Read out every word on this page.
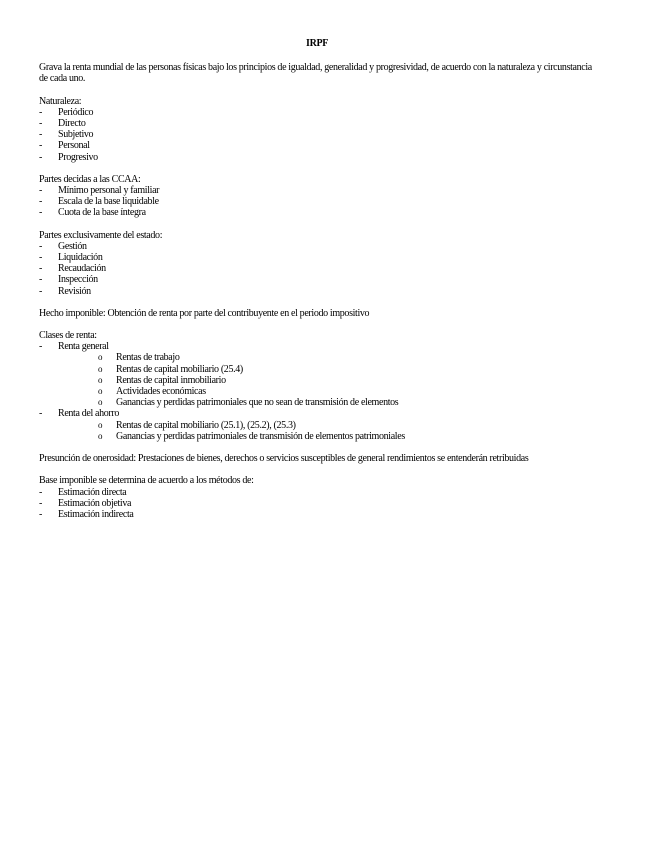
IRPF

Grava la renta mundial de las personas físicas bajo los principios de igualdad, generalidad y progresividad, de acuerdo con la naturaleza y circunstancia de cada uno.

Naturaleza:

- Periódico
- Directo
- Subjetivo
- Personal
- Progresivo

Partes decidas a las CCAA:

- Mínimo personal y familiar
- Escala de la base liquidable
- Cuota de la base íntegra

Partes exclusivamente del estado:

- Gestión
- Liquidación
- Recaudación
- Inspección
- Revisión

Hecho imponible: Obtención de renta por parte del contribuyente en el periodo impositivo

Clases de renta:

- Renta general
o Rentas de trabajo
o Rentas de capital mobiliario (25.4)
o Rentas de capital inmobiliario
o Actividades económicas
o Ganancias y perdidas patrimoniales que no sean de transmisión de elementos
- Renta del ahorro
o Rentas de capital mobiliario (25.1), (25.2), (25.3)
o Ganancias y perdidas patrimoniales de transmisión de elementos patrimoniales

Presunción de onerosidad: Prestaciones de bienes, derechos o servicios susceptibles de general rendimientos se entenderán retribuidas

Base imponible se determina de acuerdo a los métodos de:

- Estimación directa
- Estimación objetiva
- Estimación indirecta
